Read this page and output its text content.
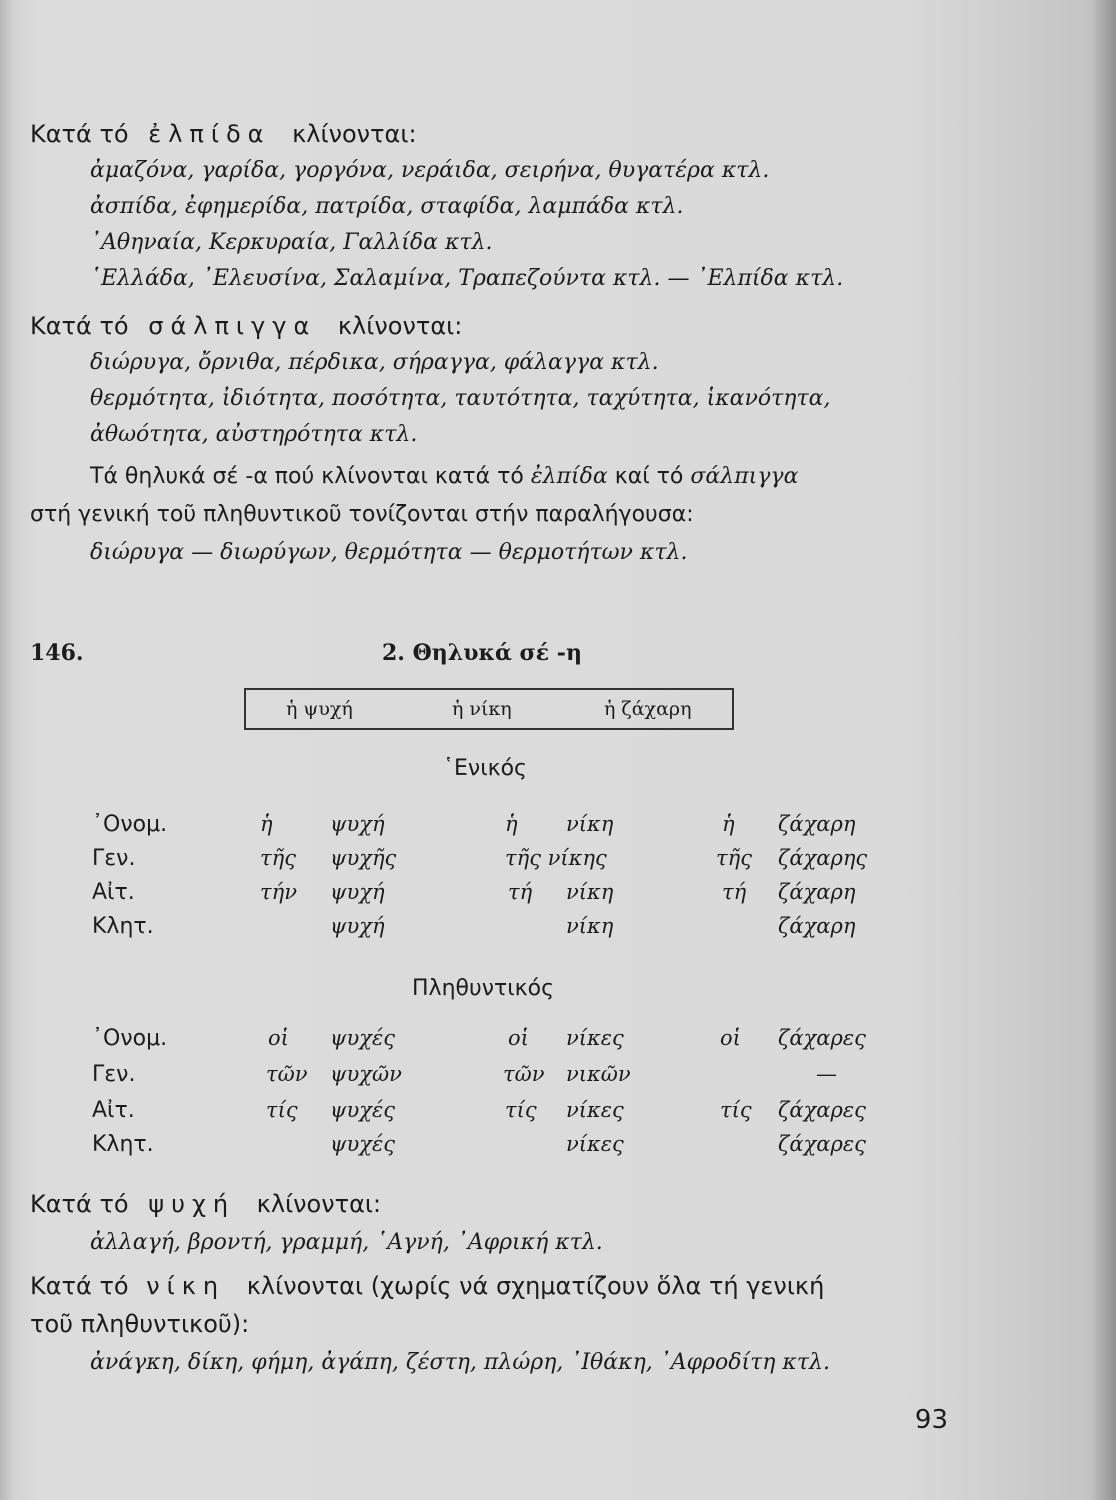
Κατά τό ἐλπίδα κλίνονται:
ἀμαζόνα, γαρίδα, γοργόνα, νεράιδα, σειρήνα, θυγατέρα κτλ.
ἀσπίδα, ἐφημερίδα, πατρίδα, σταφίδα, λαμπάδα κτλ.
᾿Αθηναία, Κερκυραία, Γαλλίδα κτλ.
῾Ελλάδα, ᾿Ελευσίνα, Σαλαμίνα, Τραπεζούντα κτλ. — ᾿Ελπίδα κτλ.
Κατά τό σάλπιγγα κλίνονται:
διώρυγα, ὄρνιθα, πέρδικα, σήραγγα, φάλαγγα κτλ.
θερμότητα, ἰδιότητα, ποσότητα, ταυτότητα, ταχύτητα, ἱκανότητα,
ἀθωότητα, αὐστηρότητα κτλ.
Τά θηλυκά σέ -α πού κλίνονται κατά τό ἐλπίδα καί τό σάλπιγγα
στή γενική τοῦ πληθυντικοῦ τονίζονται στήν παραλήγουσα:
διώρυγα — διωρύγων, θερμότητα — θερμοτήτων κτλ.
146.	2. Θηλυκά σέ -η
ἡ ψυχή	ἡ νίκη	ἡ ζάχαρη
῾Ενικός
᾿Ονομ.	ἡ	ψυχή	ἡ νίκη	ἡ ζάχαρη
Γεν.	τῆς ψυχῆς	τῆς νίκης	τῆς ζάχαρης
Αἰτ.	τήν ψυχή	τή νίκη	τή ζάχαρη
Κλητ.	ψυχή	νίκη	ζάχαρη
Πληθυντικός
᾿Ονομ.	οἱ ψυχές	οἱ νίκες	οἱ ζάχαρες
Γεν.	τῶν ψυχῶν	τῶν νικῶν	—
Αἰτ.	τίς ψυχές	τίς νίκες	τίς ζάχαρες
Κλητ.	ψυχές	νίκες	ζάχαρες
Κατά τό ψυχή κλίνονται:
ἀλλαγή, βροντή, γραμμή, ῾Αγνή, ᾿Αφρική κτλ.
Κατά τό νίκη κλίνονται (χωρίς νά σχηματίζουν ὅλα τή γενική
τοῦ πληθυντικοῦ):
ἀνάγκη, δίκη, φήμη, ἀγάπη, ζέστη, πλώρη, ᾿Ιθάκη, ᾿Αφροδίτη κτλ.
93
